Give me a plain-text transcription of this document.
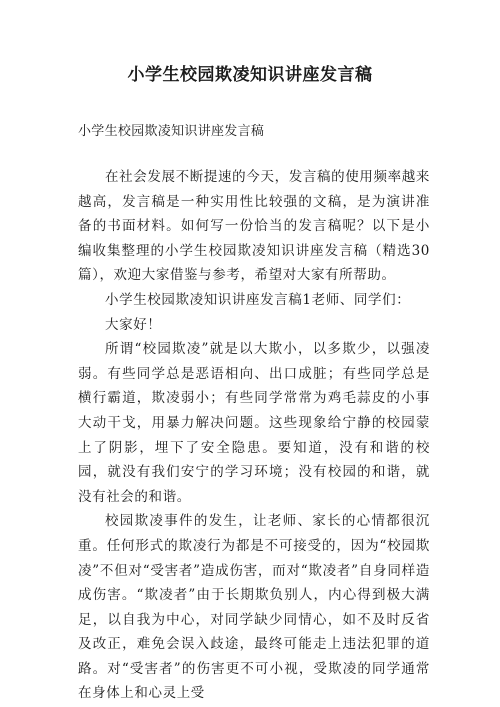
小学生校园欺凌知识讲座发言稿
小学生校园欺凌知识讲座发言稿

在社会发展不断提速的今天，发言稿的使用频率越来越高，发言稿是一种实用性比较强的文稿，是为演讲准备的书面材料。如何写一份恰当的发言稿呢？以下是小编收集整理的小学生校园欺凌知识讲座发言稿（精选30篇），欢迎大家借鉴与参考，希望对大家有所帮助。

小学生校园欺凌知识讲座发言稿1老师、同学们：

大家好！

所谓“校园欺凌”就是以大欺小，以多欺少，以强凌弱。有些同学总是恶语相向、出口成脏；有些同学总是横行霸道，欺凌弱小；有些同学常常为鸡毛蒜皮的小事大动干戈，用暴力解决问题。这些现象给宁静的校园蒙上了阴影，埋下了安全隐患。要知道，没有和谐的校园，就没有我们安宁的学习环境；没有校园的和谐，就没有社会的和谐。

校园欺凌事件的发生，让老师、家长的心情都很沉重。任何形式的欺凌行为都是不可接受的，因为“校园欺凌”不但对“受害者”造成伤害，而对“欺凌者”自身同样造成伤害。“欺凌者”由于长期欺负别人，内心得到极大满足，以自我为中心，对同学缺少同情心，如不及时反省及改正，难免会误入歧途，最终可能走上违法犯罪的道路。对“受害者”的伤害更不可小视，受欺凌的同学通常在身体上和心灵上受
